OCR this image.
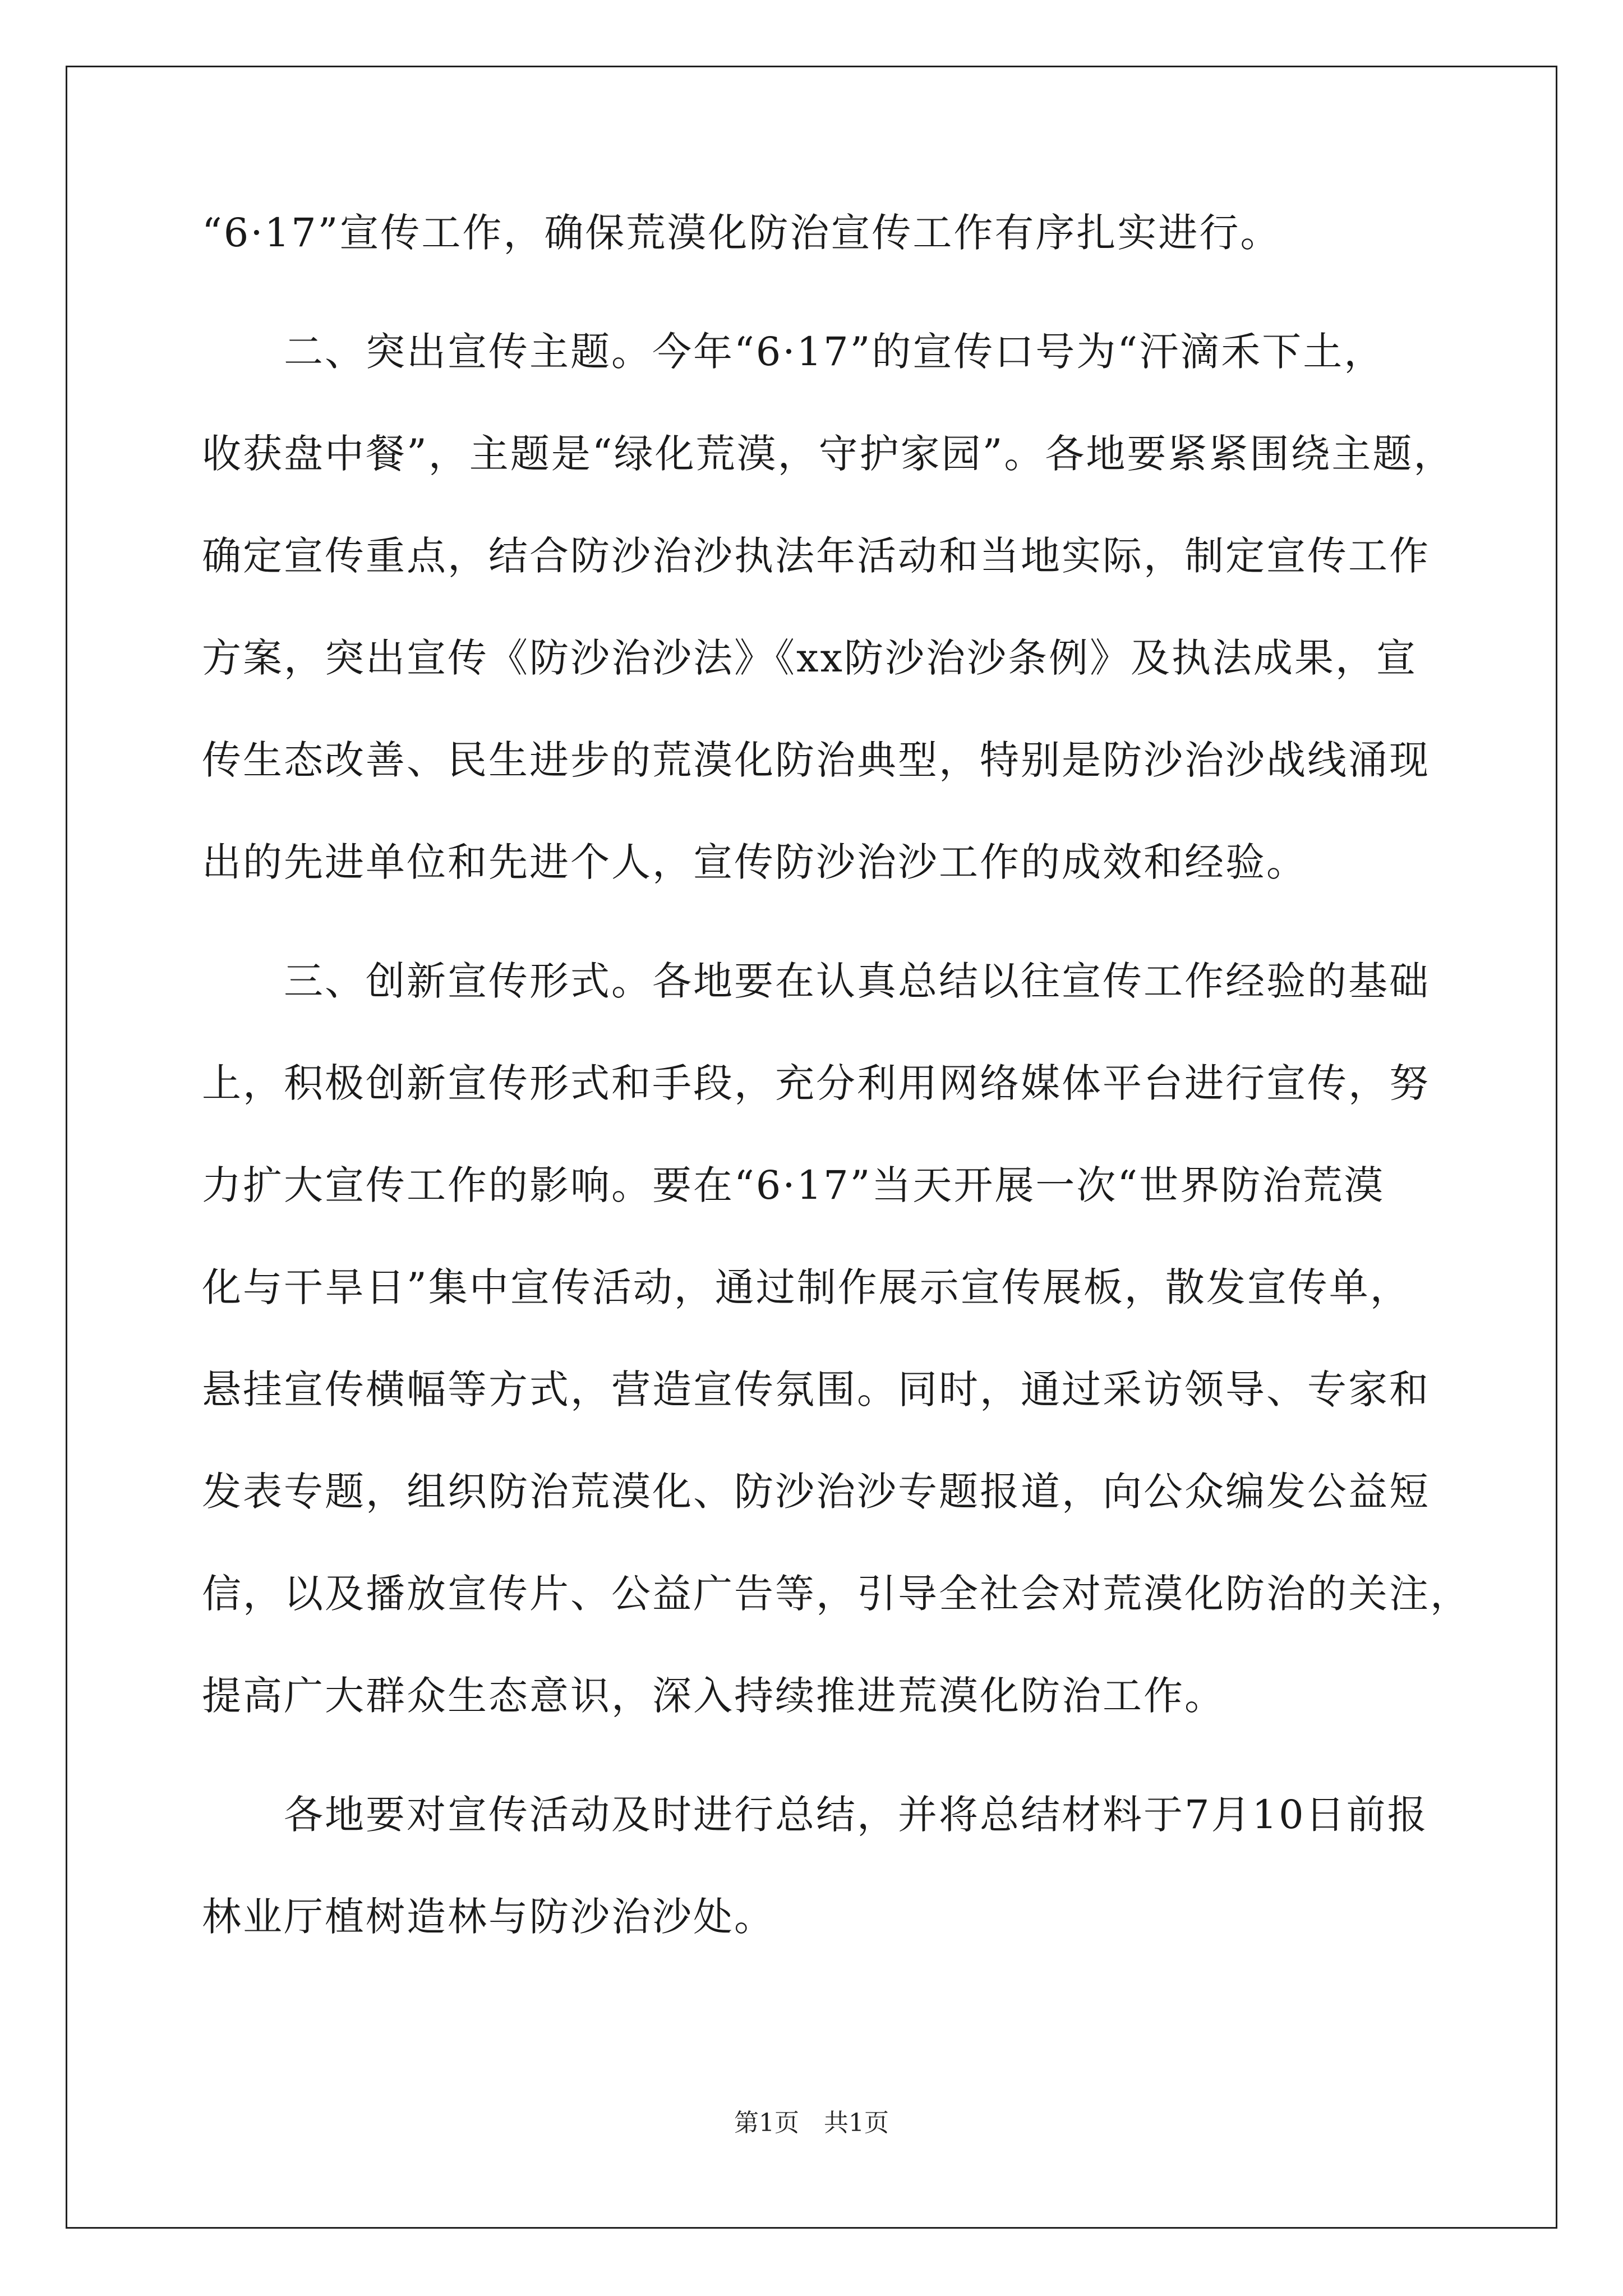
“6·17”宣传工作，确保荒漠化防治宣传工作有序扎实进行。
　　二、突出宣传主题。今年“6·17”的宣传口号为“汗滴禾下土，
收获盘中餐”，主题是“绿化荒漠，守护家园”。各地要紧紧围绕主题，
确定宣传重点，结合防沙治沙执法年活动和当地实际，制定宣传工作
方案，突出宣传《防沙治沙法》《xx防沙治沙条例》及执法成果，宣
传生态改善、民生进步的荒漠化防治典型，特别是防沙治沙战线涌现
出的先进单位和先进个人，宣传防沙治沙工作的成效和经验。
　　三、创新宣传形式。各地要在认真总结以往宣传工作经验的基础
上，积极创新宣传形式和手段，充分利用网络媒体平台进行宣传，努
力扩大宣传工作的影响。要在“6·17”当天开展一次“世界防治荒漠
化与干旱日”集中宣传活动，通过制作展示宣传展板，散发宣传单，
悬挂宣传横幅等方式，营造宣传氛围。同时，通过采访领导、专家和
发表专题，组织防治荒漠化、防沙治沙专题报道，向公众编发公益短
信，以及播放宣传片、公益广告等，引导全社会对荒漠化防治的关注，
提高广大群众生态意识，深入持续推进荒漠化防治工作。
　　各地要对宣传活动及时进行总结，并将总结材料于7月10日前报
林业厅植树造林与防沙治沙处。
第1页　共1页
